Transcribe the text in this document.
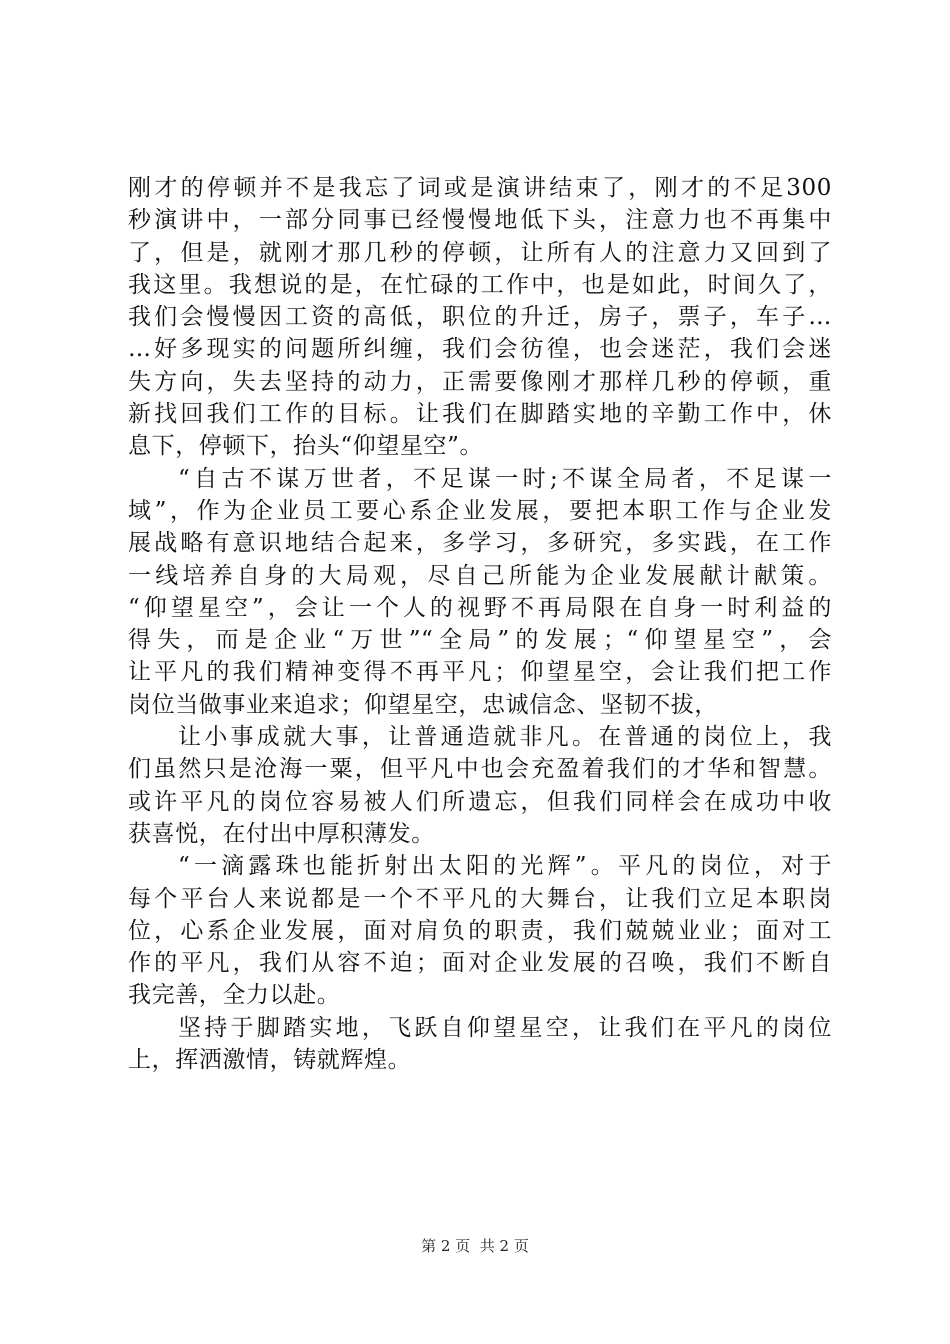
刚才的停顿并不是我忘了词或是演讲结束了，刚才的不足300
秒演讲中，一部分同事已经慢慢地低下头，注意力也不再集中
了，但是，就刚才那几秒的停顿，让所有人的注意力又回到了
我这里。我想说的是，在忙碌的工作中，也是如此，时间久了，
我们会慢慢因工资的高低，职位的升迁，房子，票子，车子…
…好多现实的问题所纠缠，我们会彷徨，也会迷茫，我们会迷
失方向，失去坚持的动力，正需要像刚才那样几秒的停顿，重
新找回我们工作的目标。让我们在脚踏实地的辛勤工作中，休
息下，停顿下，抬头“仰望星空”。
“自古不谋万世者，不足谋一时;不谋全局者，不足谋一
域”，作为企业员工要心系企业发展，要把本职工作与企业发
展战略有意识地结合起来，多学习，多研究，多实践，在工作
一线培养自身的大局观，尽自己所能为企业发展献计献策。
“仰望星空”，会让一个人的视野不再局限在自身一时利益的
得失，而是企业“万世”“全局”的发展；“仰望星空”，会
让平凡的我们精神变得不再平凡；仰望星空，会让我们把工作
岗位当做事业来追求；仰望星空，忠诚信念、坚韧不拔，
让小事成就大事，让普通造就非凡。在普通的岗位上，我
们虽然只是沧海一粟，但平凡中也会充盈着我们的才华和智慧。
或许平凡的岗位容易被人们所遗忘，但我们同样会在成功中收
获喜悦，在付出中厚积薄发。
“一滴露珠也能折射出太阳的光辉”。平凡的岗位，对于
每个平台人来说都是一个不平凡的大舞台，让我们立足本职岗
位，心系企业发展，面对肩负的职责，我们兢兢业业；面对工
作的平凡，我们从容不迫；面对企业发展的召唤，我们不断自
我完善，全力以赴。
坚持于脚踏实地，飞跃自仰望星空，让我们在平凡的岗位
上，挥洒激情，铸就辉煌。
第 2 页  共 2 页
